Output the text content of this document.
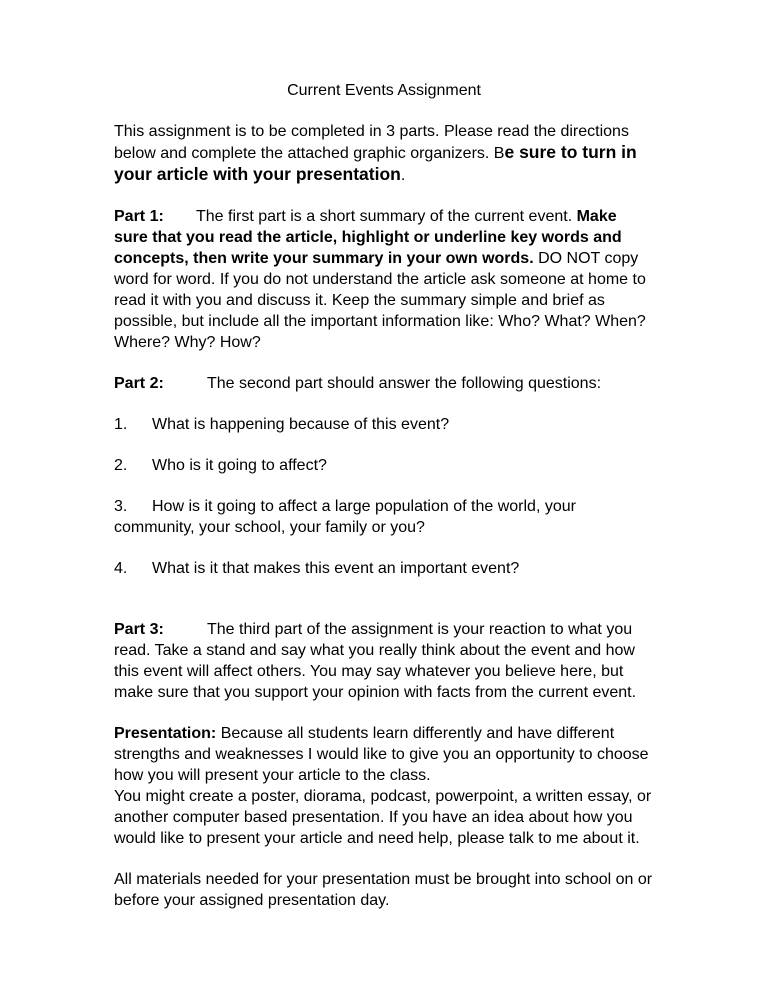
Current Events Assignment

This assignment is to be completed in 3 parts. Please read the directions below and complete the attached graphic organizers. Be sure to turn in your article with your presentation.

Part 1: The first part is a short summary of the current event. Make sure that you read the article, highlight or underline key words and concepts, then write your summary in your own words. DO NOT copy word for word. If you do not understand the article ask someone at home to read it with you and discuss it. Keep the summary simple and brief as possible, but include all the important information like: Who? What? When? Where? Why? How?

Part 2:	The second part should answer the following questions:

1. What is happening because of this event?

2. Who is it going to affect?

3. How is it going to affect a large population of the world, your community, your school, your family or you?

4. What is it that makes this event an important event?

Part 3:	The third part of the assignment is your reaction to what you read. Take a stand and say what you really think about the event and how this event will affect others. You may say whatever you believe here, but make sure that you support your opinion with facts from the current event.

Presentation: Because all students learn differently and have different strengths and weaknesses I would like to give you an opportunity to choose how you will present your article to the class.
You might create a poster, diorama, podcast, powerpoint, a written essay, or another computer based presentation. If you have an idea about how you would like to present your article and need help, please talk to me about it.

All materials needed for your presentation must be brought into school on or before your assigned presentation day.
